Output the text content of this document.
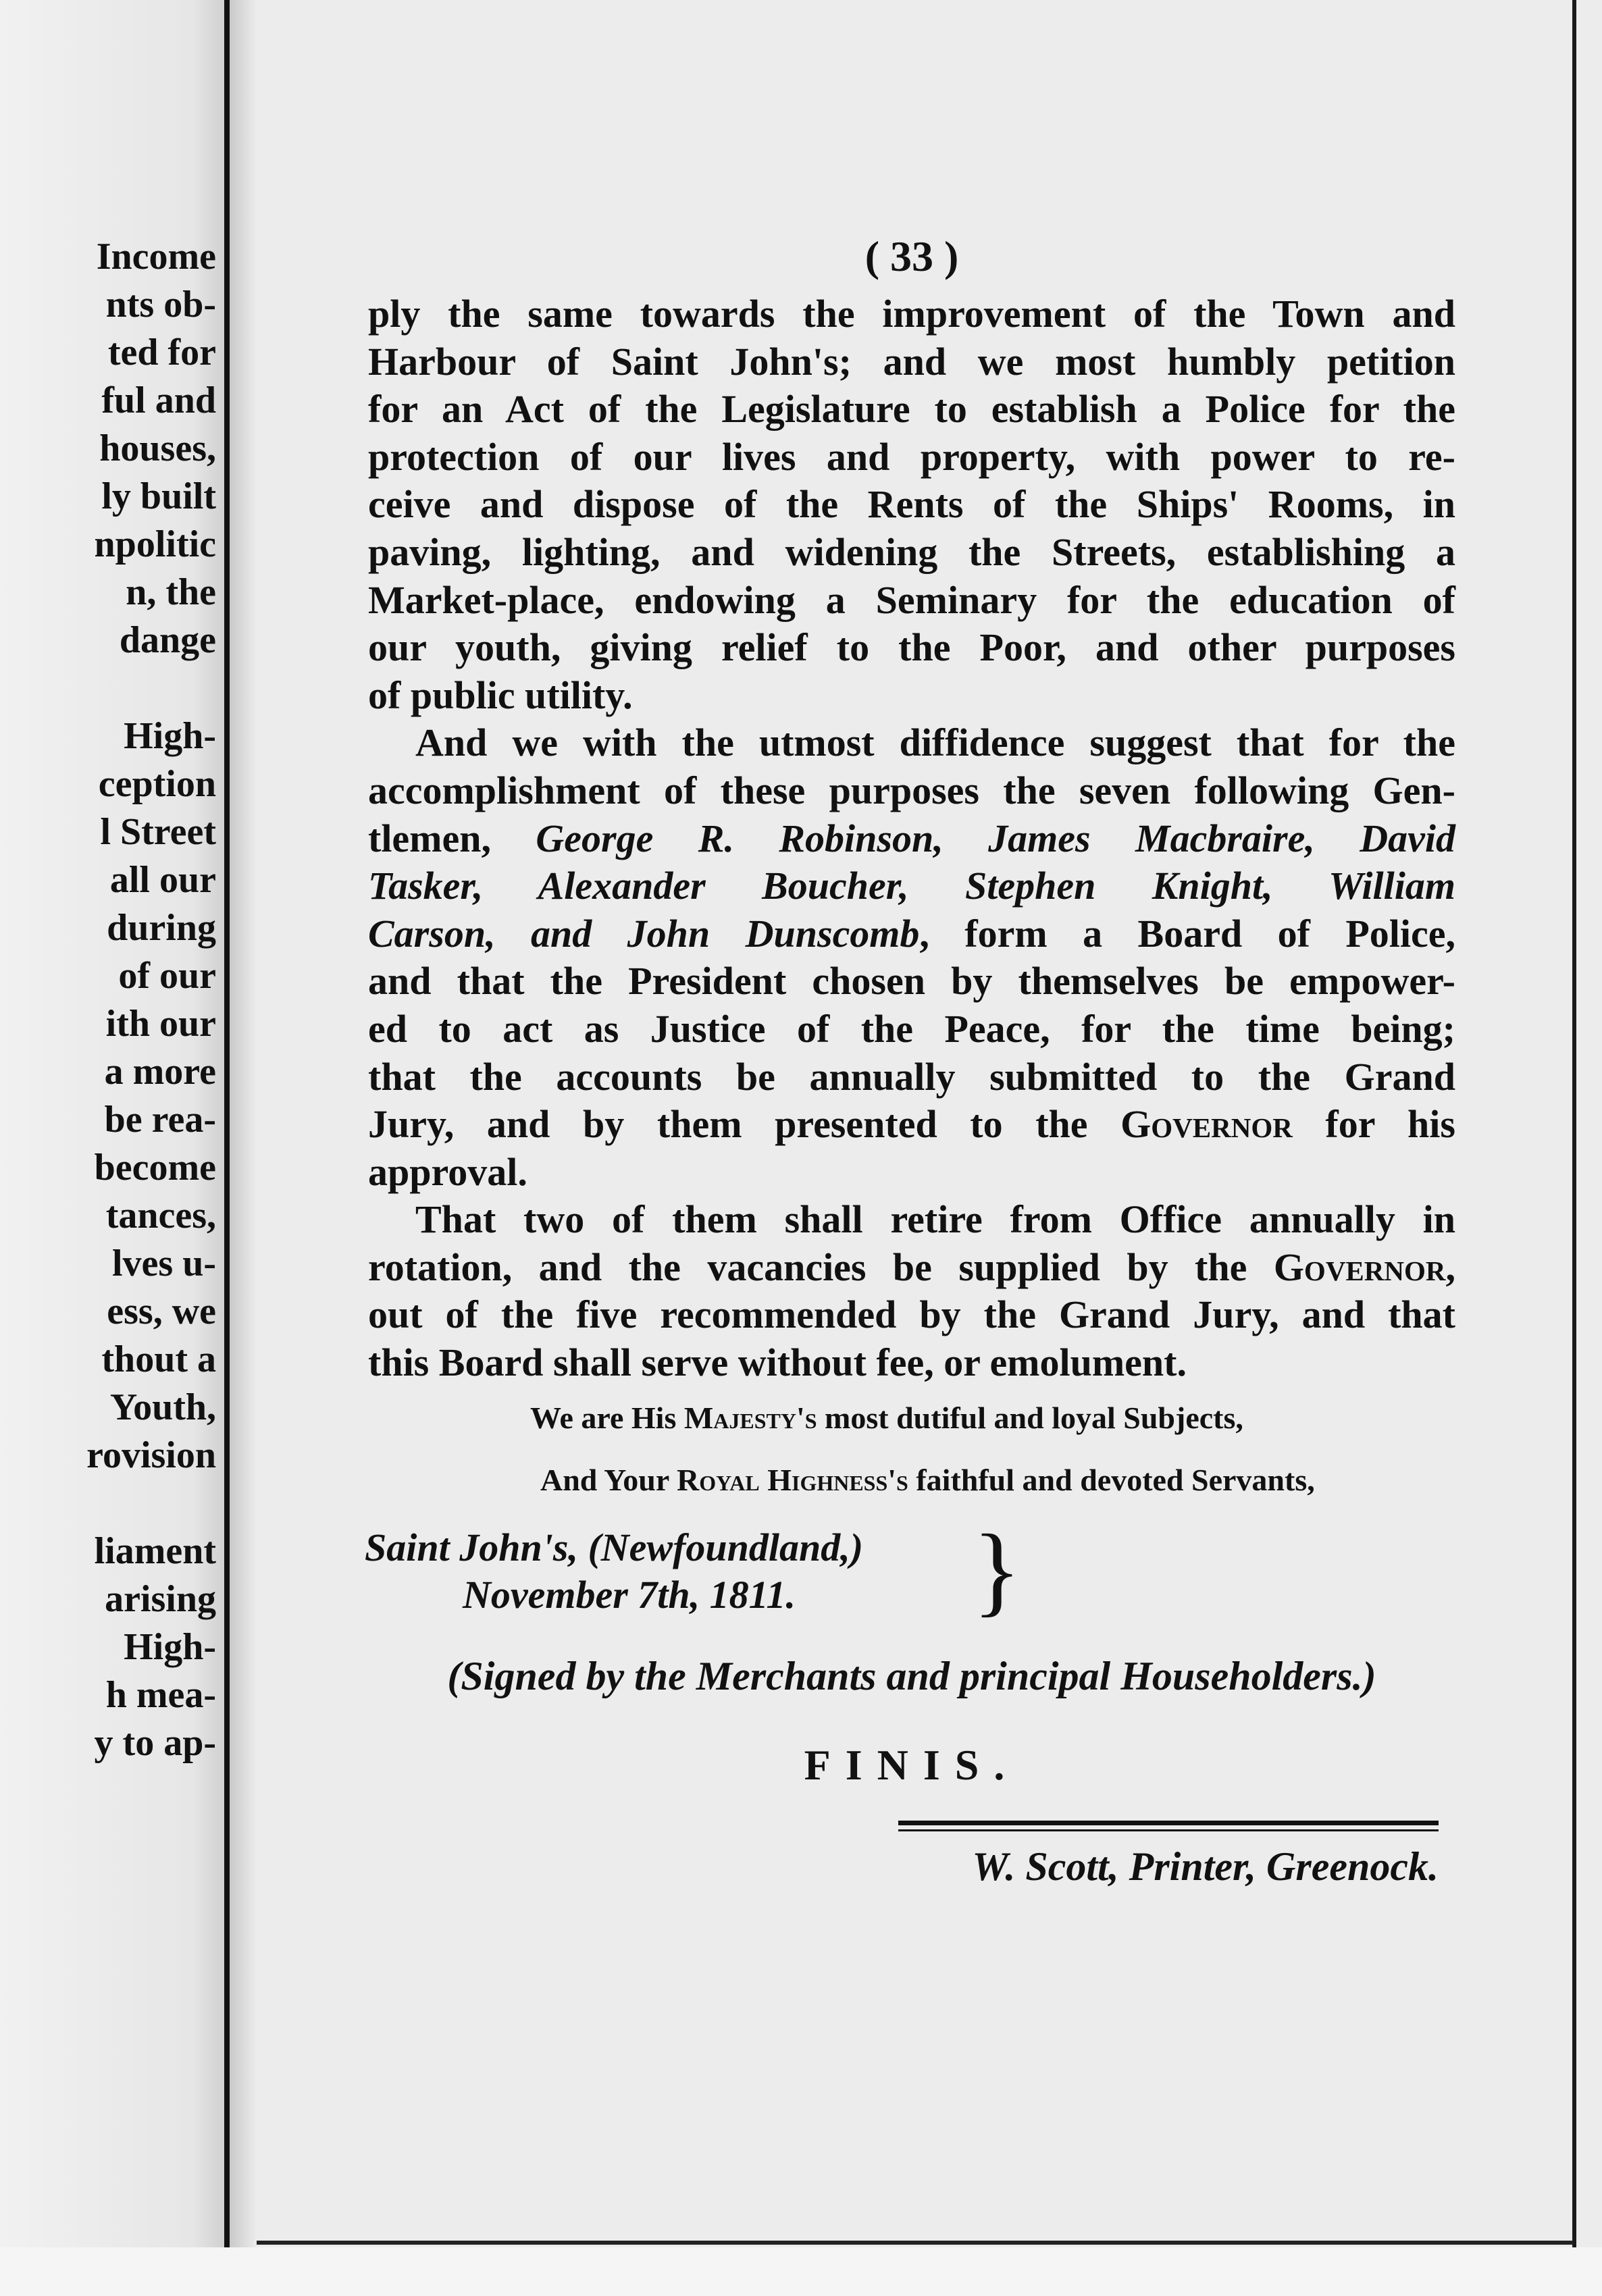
Income
nts ob-
ted for
ful and
houses,
ly built
npolitic
n, the
dange
High-
ception
l Street
all our
during
of our
ith our
a more
be rea-
become
tances,
lves u-
ess, we
thout a
Youth,
rovision
liament
arising
High-
h mea-
y to ap-
( 33 )
ply the same towards the improvement of the Town and
Harbour of Saint John's; and we most humbly petition
for an Act of the Legislature to establish a Police for the
protection of our lives and property, with power to re-
ceive and dispose of the Rents of the Ships' Rooms, in
paving, lighting, and widening the Streets, establishing a
Market-place, endowing a Seminary for the education of
our youth, giving relief to the Poor, and other purposes
of public utility.
And we with the utmost diffidence suggest that for the
accomplishment of these purposes the seven following Gen-
tlemen, George R. Robinson, James Macbraire, David
Tasker, Alexander Boucher, Stephen Knight, William
Carson, and John Dunscomb, form a Board of Police,
and that the President chosen by themselves be empower-
ed to act as Justice of the Peace, for the time being;
that the accounts be annually submitted to the Grand
Jury, and by them presented to the Governor for his
approval.
That two of them shall retire from Office annually in
rotation, and the vacancies be supplied by the Governor,
out of the five recommended by the Grand Jury, and that
this Board shall serve without fee, or emolument.
We are His Majesty's most dutiful and loyal Subjects,
And Your Royal Highness's faithful and devoted Servants,
Saint John's, (Newfoundland,)
November 7th, 1811. }
(Signed by the Merchants and principal Householders.)
FINIS.
W. Scott, Printer, Greenock.
